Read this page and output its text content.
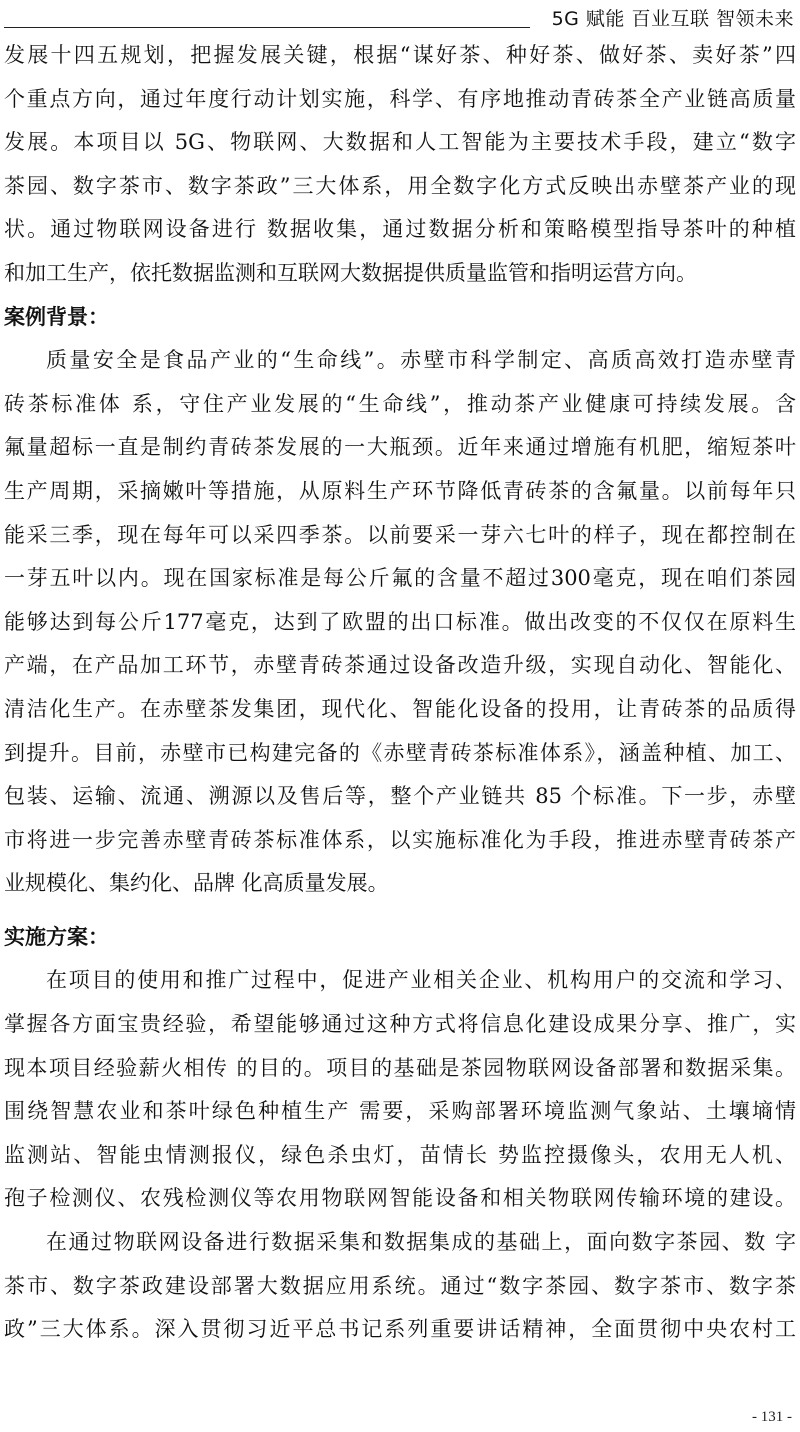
5G 赋能 百业互联 智领未来
发展十四五规划，把握发展关键，根据“谋好茶、种好茶、做好茶、卖好茶”四
个重点方向，通过年度行动计划实施，科学、有序地推动青砖茶全产业链高质量
发展。本项目以 5G、物联网、大数据和人工智能为主要技术手段，建立“数字
茶园、数字茶市、数字茶政”三大体系，用全数字化方式反映出赤壁茶产业的现
状。通过物联网设备进行 数据收集，通过数据分析和策略模型指导茶叶的种植
和加工生产，依托数据监测和互联网大数据提供质量监管和指明运营方向。
案例背景：
质量安全是食品产业的“生命线”。赤壁市科学制定、高质高效打造赤壁青
砖茶标准体 系，守住产业发展的“生命线”，推动茶产业健康可持续发展。含
氟量超标一直是制约青砖茶发展的一大瓶颈。近年来通过增施有机肥，缩短茶叶
生产周期，采摘嫩叶等措施，从原料生产环节降低青砖茶的含氟量。以前每年只
能采三季，现在每年可以采四季茶。以前要采一芽六七叶的样子，现在都控制在
一芽五叶以内。现在国家标准是每公斤氟的含量不超过300毫克，现在咱们茶园
能够达到每公斤177毫克，达到了欧盟的出口标准。做出改变的不仅仅在原料生
产端，在产品加工环节，赤壁青砖茶通过设备改造升级，实现自动化、智能化、
清洁化生产。在赤壁茶发集团，现代化、智能化设备的投用，让青砖茶的品质得
到提升。目前，赤壁市已构建完备的《赤壁青砖茶标准体系》，涵盖种植、加工、
包装、运输、流通、溯源以及售后等，整个产业链共 85 个标准。下一步，赤壁
市将进一步完善赤壁青砖茶标准体系，以实施标准化为手段，推进赤壁青砖茶产
业规模化、集约化、品牌 化高质量发展。
实施方案：
在项目的使用和推广过程中，促进产业相关企业、机构用户的交流和学习、
掌握各方面宝贵经验，希望能够通过这种方式将信息化建设成果分享、推广，实
现本项目经验薪火相传 的目的。项目的基础是茶园物联网设备部署和数据采集。
围绕智慧农业和茶叶绿色种植生产 需要，采购部署环境监测气象站、土壤墒情
监测站、智能虫情测报仪，绿色杀虫灯，苗情长 势监控摄像头，农用无人机、
孢子检测仪、农残检测仪等农用物联网智能设备和相关物联网传输环境的建设。
在通过物联网设备进行数据采集和数据集成的基础上，面向数字茶园、数 字
茶市、数字茶政建设部署大数据应用系统。通过“数字茶园、数字茶市、数字茶
政”三大体系。深入贯彻习近平总书记系列重要讲话精神，全面贯彻中央农村工
- 131 -
